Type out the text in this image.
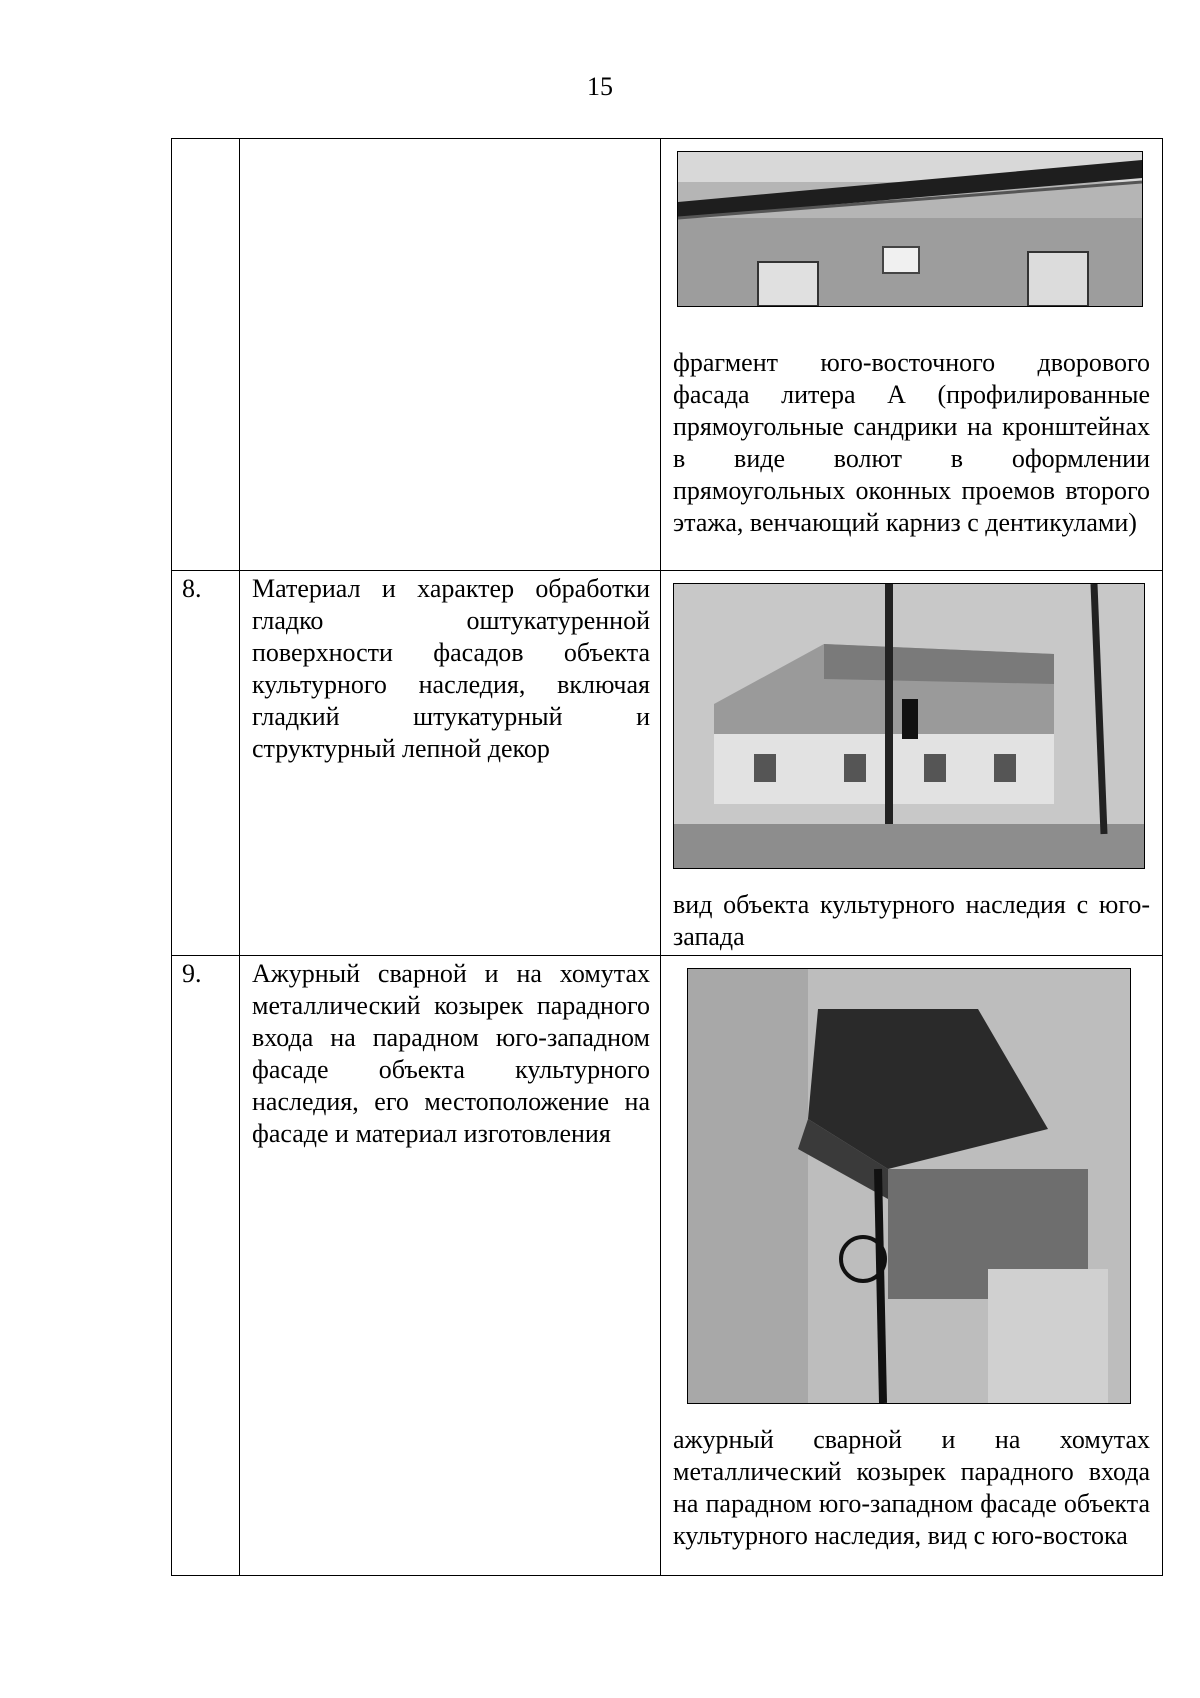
15

		фрагмент юго-восточного дворового фасада литера А (профилированные прямоугольные сандрики на кронштейнах в виде волют в оформлении прямоугольных оконных проемов второго этажа, венчающий карниз с дентикулами)

8.	Материал и характер обработки гладко оштукатуренной поверхности фасадов объекта культурного наследия, включая гладкий штукатурный и структурный лепной декор	вид объекта культурного наследия с юго-запада

9.	Ажурный сварной и на хомутах металлический козырек парадного входа на парадном юго-западном фасаде объекта культурного наследия, его местоположение на фасаде и материал изготовления	ажурный сварной и на хомутах металлический козырек парадного входа на парадном юго-западном фасаде объекта культурного наследия, вид с юго-востока
